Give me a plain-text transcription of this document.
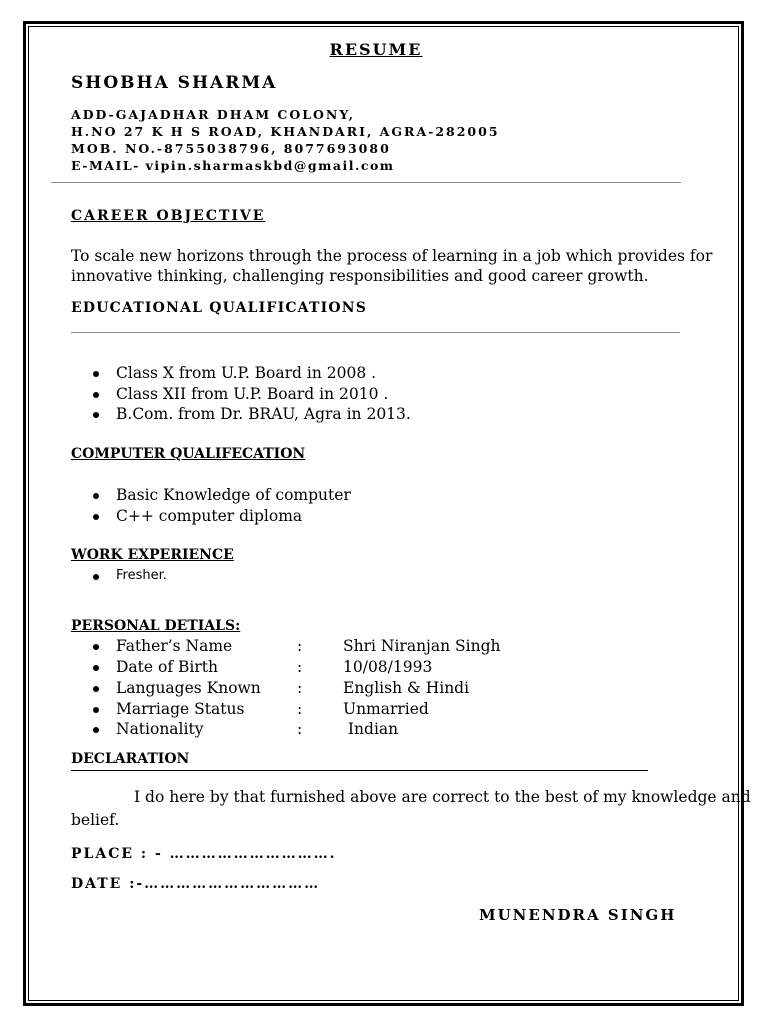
RESUME
SHOBHA SHARMA
ADD-GAJADHAR DHAM COLONY,
H.NO 27 K H S ROAD, KHANDARI, AGRA-282005
MOB. NO.-8755038796, 8077693080
E-MAIL- vipin.sharmaskbd@gmail.com
CAREER OBJECTIVE
To scale new horizons through the process of learning in a job which provides for
innovative thinking, challenging responsibilities and good career growth.
EDUCATIONAL QUALIFICATIONS
Class X from U.P. Board in 2008 .
Class XII from U.P. Board in 2010 .
B.Com. from Dr. BRAU, Agra in 2013.
COMPUTER QUALIFECATION
Basic Knowledge of computer
C++ computer diploma
WORK EXPERIENCE
Fresher.
PERSONAL DETIALS:
Father’s Name	:	Shri Niranjan Singh
Date of Birth	:	10/08/1993
Languages Known :	English & Hindi
Marriage Status	:	Unmarried
Nationality	:	Indian
DECLARATION
I do here by that furnished above are correct to the best of my knowledge and
belief.
PLACE : - ………………………….
DATE :-……………………………
MUNENDRA SINGH
